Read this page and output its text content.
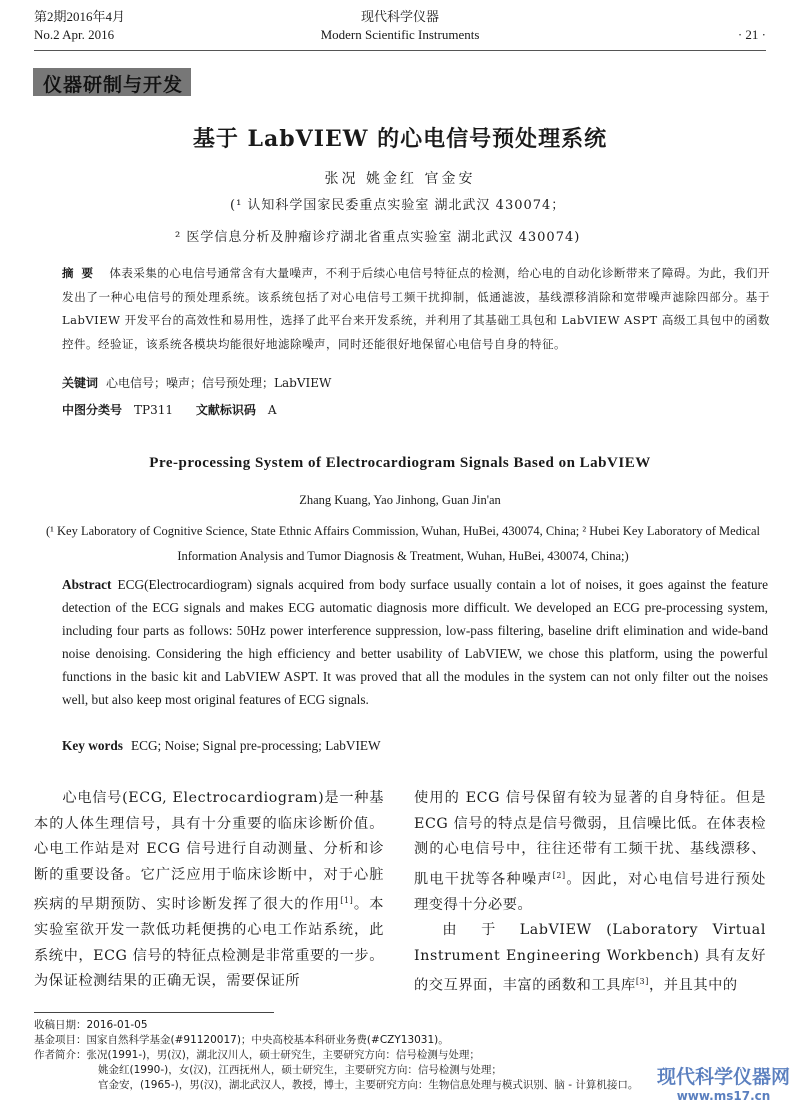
第2期2016年4月
No.2 Apr. 2016
现代科学仪器
Modern Scientific Instruments	· 21 ·
仪器研制与开发
基于 LabVIEW 的心电信号预处理系统
张况 姚金红 官金安
(¹ 认知科学国家民委重点实验室 湖北武汉 430074；
² 医学信息分析及肿瘤诊疗湖北省重点实验室 湖北武汉 430074)
摘要 体表采集的心电信号通常含有大量噪声，不利于后续心电信号特征点的检测，给心电的自动化诊断带来了障碍。为此，我们开发出了一种心电信号的预处理系统。该系统包括了对心电信号工频干扰抑制，低通滤波，基线漂移消除和宽带噪声滤除四部分。基于 LabVIEW 开发平台的高效性和易用性，选择了此平台来开发系统，并利用了其基础工具包和 LabVIEW ASPT 高级工具包中的函数控件。经验证，该系统各模块均能很好地滤除噪声，同时还能很好地保留心电信号自身的特征。
关键词 心电信号；噪声；信号预处理；LabVIEW
中图分类号 TP311 文献标识码 A
Pre-processing System of Electrocardiogram Signals Based on LabVIEW
Zhang Kuang, Yao Jinhong, Guan Jin'an
(¹ Key Laboratory of Cognitive Science, State Ethnic Affairs Commission, Wuhan, HuBei, 430074, China; ² Hubei Key Laboratory of Medical Information Analysis and Tumor Diagnosis & Treatment, Wuhan, HuBei, 430074, China;)
Abstract ECG(Electrocardiogram) signals acquired from body surface usually contain a lot of noises, it goes against the feature detection of the ECG signals and makes ECG automatic diagnosis more difficult. We developed an ECG pre-processing system, including four parts as follows: 50Hz power interference suppression, low-pass filtering, baseline drift elimination and wide-band noise denoising. Considering the high efficiency and better usability of LabVIEW, we chose this platform, using the powerful functions in the basic kit and LabVIEW ASPT. It was proved that all the modules in the system can not only filter out the noises well, but also keep most original features of ECG signals.
Key words ECG; Noise; Signal pre-processing; LabVIEW

心电信号(ECG, Electrocardiogram)是一种基本的人体生理信号，具有十分重要的临床诊断价值。心电工作站是对 ECG 信号进行自动测量、分析和诊断的重要设备。它广泛应用于临床诊断中，对于心脏疾病的早期预防、实时诊断发挥了很大的作用[1]。本实验室欲开发一款低功耗便携的心电工作站系统，此系统中，ECG 信号的特征点检测是非常重要的一步。为保证检测结果的正确无误，需要保证所

使用的 ECG 信号保留有较为显著的自身特征。但是 ECG 信号的特点是信号微弱，且信噪比低。在体表检测的心电信号中，往往还带有工频干扰、基线漂移、肌电干扰等各种噪声[2]。因此，对心电信号进行预处理变得十分必要。

由 于 LabVIEW (Laboratory Virtual Instrument Engineering Workbench) 具有友好的交互界面，丰富的函数和工具库[3]，并且其中的

收稿日期：2016-01-05
基金项目：国家自然科学基金(#91120017)；中央高校基本科研业务费(#CZY13031)。
作者简介：张况(1991-)，男(汉)，湖北汉川人，硕士研究生，主要研究方向：信号检测与处理；
姚金红(1990-)，女(汉)，江西抚州人，硕士研究生，主要研究方向：信号检测与处理；
官金安，(1965-)，男(汉)，湖北武汉人，教授，博士，主要研究方向：生物信息处理与模式识别、脑 - 计算机接口。 现代科学仪器网
www.ms17.cn
